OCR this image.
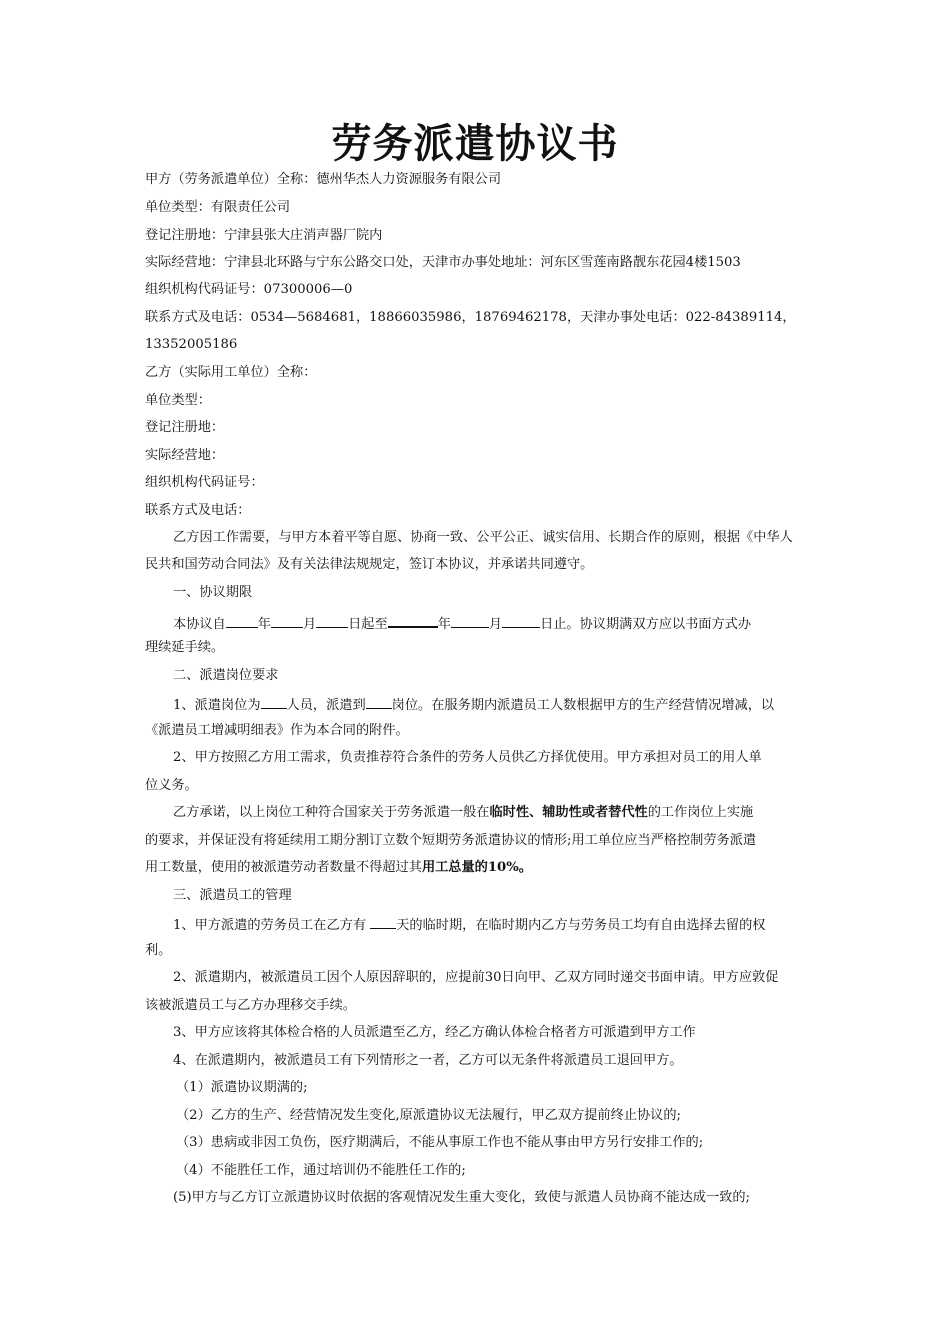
劳务派遣协议书
甲方（劳务派遣单位）全称：德州华杰人力资源服务有限公司
单位类型：有限责任公司
登记注册地：宁津县张大庄消声器厂院内
实际经营地：宁津县北环路与宁东公路交口处，天津市办事处地址：河东区雪莲南路靓东花园4楼1503
组织机构代码证号：07300006—0
联系方式及电话：0534—5684681，18866035986，18769462178，天津办事处电话：022-84389114，
13352005186
乙方（实际用工单位）全称：
单位类型：
登记注册地：
实际经营地：
组织机构代码证号：
联系方式及电话：
乙方因工作需要，与甲方本着平等自愿、协商一致、公平公正、诚实信用、长期合作的原则，根据《中华人
民共和国劳动合同法》及有关法律法规规定，签订本协议，并承诺共同遵守。
一、协议期限
本协议自 年 月 日起至	年	月	日止。协议期满双方应以书面方式办
理续延手续。
二、派遣岗位要求
1、派遣岗位为 人员，派遣到 岗位。在服务期内派遣员工人数根据甲方的生产经营情况增减，以
《派遣员工增减明细表》作为本合同的附件。
2、甲方按照乙方用工需求，负责推荐符合条件的劳务人员供乙方择优使用。甲方承担对员工的用人单
位义务。
乙方承诺，以上岗位工种符合国家关于劳务派遣一般在临时性、辅助性或者替代性的工作岗位上实施
的要求，并保证没有将延续用工期分割订立数个短期劳务派遣协议的情形;用工单位应当严格控制劳务派遣
用工数量，使用的被派遣劳动者数量不得超过其用工总量的10%。
三、派遣员工的管理
1、甲方派遣的劳务员工在乙方有 天的临时期，在临时期内乙方与劳务员工均有自由选择去留的权
利。
2、派遣期内，被派遣员工因个人原因辞职的，应提前30日向甲、乙双方同时递交书面申请。甲方应敦促
该被派遣员工与乙方办理移交手续。
3、甲方应该将其体检合格的人员派遣至乙方，经乙方确认体检合格者方可派遣到甲方工作
4、在派遣期内，被派遣员工有下列情形之一者，乙方可以无条件将派遣员工退回甲方。
（1）派遣协议期满的;
（2）乙方的生产、经营情况发生变化,原派遣协议无法履行，甲乙双方提前终止协议的;
（3）患病或非因工负伤，医疗期满后，不能从事原工作也不能从事由甲方另行安排工作的;
（4）不能胜任工作，通过培训仍不能胜任工作的;
(5)甲方与乙方订立派遣协议时依据的客观情况发生重大变化，致使与派遣人员协商不能达成一致的;
